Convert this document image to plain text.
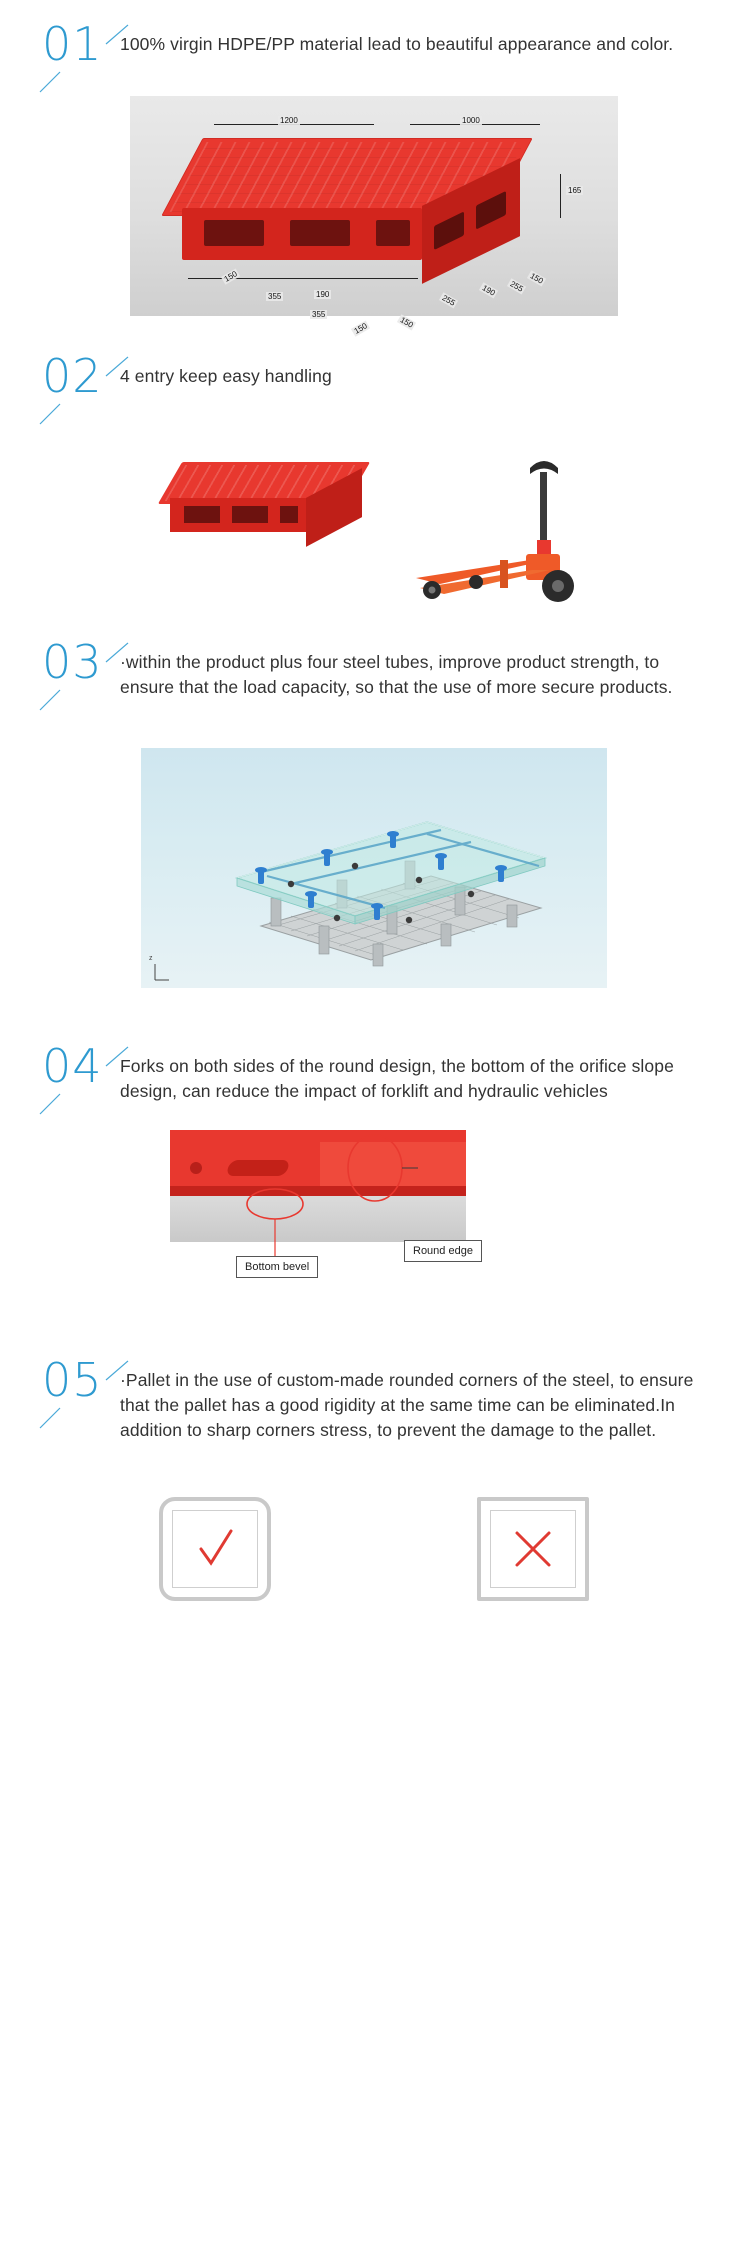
01 100% virgin HDPE/PP material lead to beautiful appearance and color.
1200	1000
165
150
355	190
355
150
150
255
190
255
150
02 4 entry keep easy handling
03 ·within the product plus four steel tubes, improve product strength, to ensure that the load capacity, so that the use of more secure products.
z
04 Forks on both sides of the round design, the bottom of the orifice slope design, can reduce the impact of forklift and hydraulic vehicles
Bottom bevel
Round edge
05 ·Pallet in the use of custom-made rounded corners of the steel, to ensure that the pallet has a good rigidity at the same time can be eliminated.In addition to sharp corners stress, to prevent the damage to the pallet.
